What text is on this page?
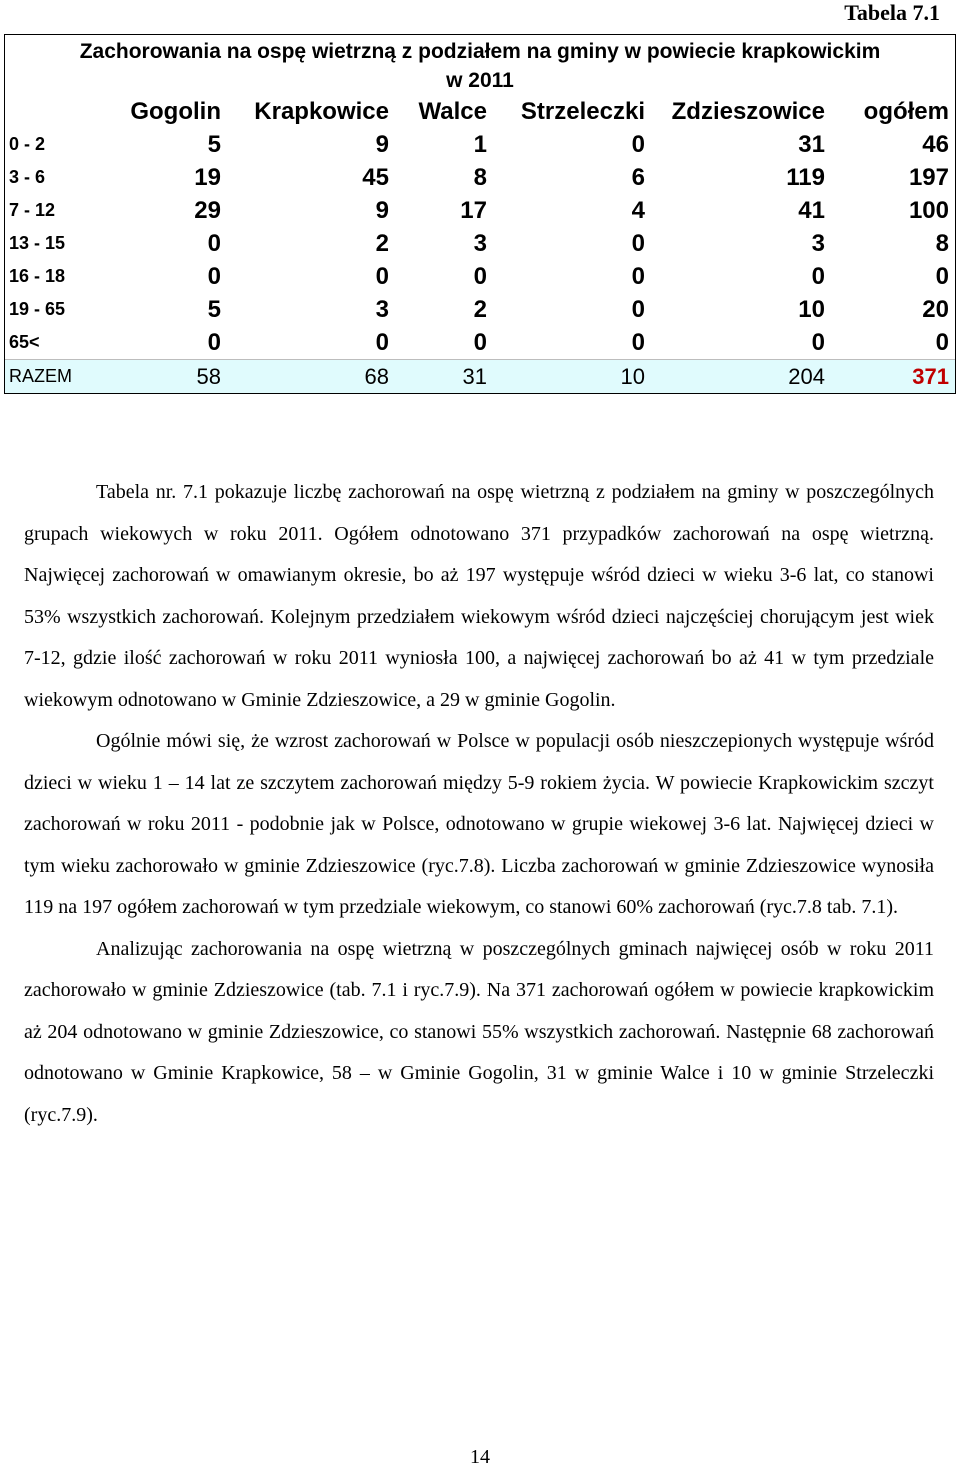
Tabela 7.1
Zachorowania na ospę wietrzną z podziałem na gminy w powiecie krapkowickim
w 2011
	Gogolin	Krapkowice	Walce	Strzeleczki	Zdzieszowice	ogółem
0 - 2	5	9	1	0	31	46
3 - 6	19	45	8	6	119	197
7 - 12	29	9	17	4	41	100
13 - 15	0	2	3	0	3	8
16 - 18	0	0	0	0	0	0
19 - 65	5	3	2	0	10	20
65<	0	0	0	0	0	0
RAZEM	58	68	31	10	204	371

Tabela nr. 7.1 pokazuje liczbę zachorowań na ospę wietrzną z podziałem na gminy w poszczególnych grupach wiekowych w roku 2011. Ogółem odnotowano 371 przypadków zachorowań na ospę wietrzną. Najwięcej zachorowań w omawianym okresie, bo aż 197 występuje wśród dzieci w wieku 3-6 lat, co stanowi 53% wszystkich zachorowań. Kolejnym przedziałem wiekowym wśród dzieci najczęściej chorującym jest wiek 7-12, gdzie ilość zachorowań w roku 2011 wyniosła 100, a najwięcej zachorowań bo aż 41 w tym przedziale wiekowym odnotowano w Gminie Zdzieszowice, a 29 w gminie Gogolin.

Ogólnie mówi się, że wzrost zachorowań w Polsce w populacji osób nieszczepionych występuje wśród dzieci w wieku 1 – 14 lat ze szczytem zachorowań między 5-9 rokiem życia. W powiecie Krapkowickim szczyt zachorowań w roku 2011 - podobnie jak w Polsce, odnotowano w grupie wiekowej 3-6 lat. Najwięcej dzieci w tym wieku zachorowało w gminie Zdzieszowice (ryc.7.8). Liczba zachorowań w gminie Zdzieszowice wynosiła 119 na 197 ogółem zachorowań w tym przedziale wiekowym, co stanowi 60% zachorowań (ryc.7.8 tab. 7.1).

Analizując zachorowania na ospę wietrzną w poszczególnych gminach najwięcej osób w roku 2011 zachorowało w gminie Zdzieszowice (tab. 7.1 i ryc.7.9). Na 371 zachorowań ogółem w powiecie krapkowickim aż 204 odnotowano w gminie Zdzieszowice, co stanowi 55% wszystkich zachorowań. Następnie 68 zachorowań odnotowano w Gminie Krapkowice, 58 – w Gminie Gogolin, 31 w gminie Walce i 10 w gminie Strzeleczki (ryc.7.9).

14
